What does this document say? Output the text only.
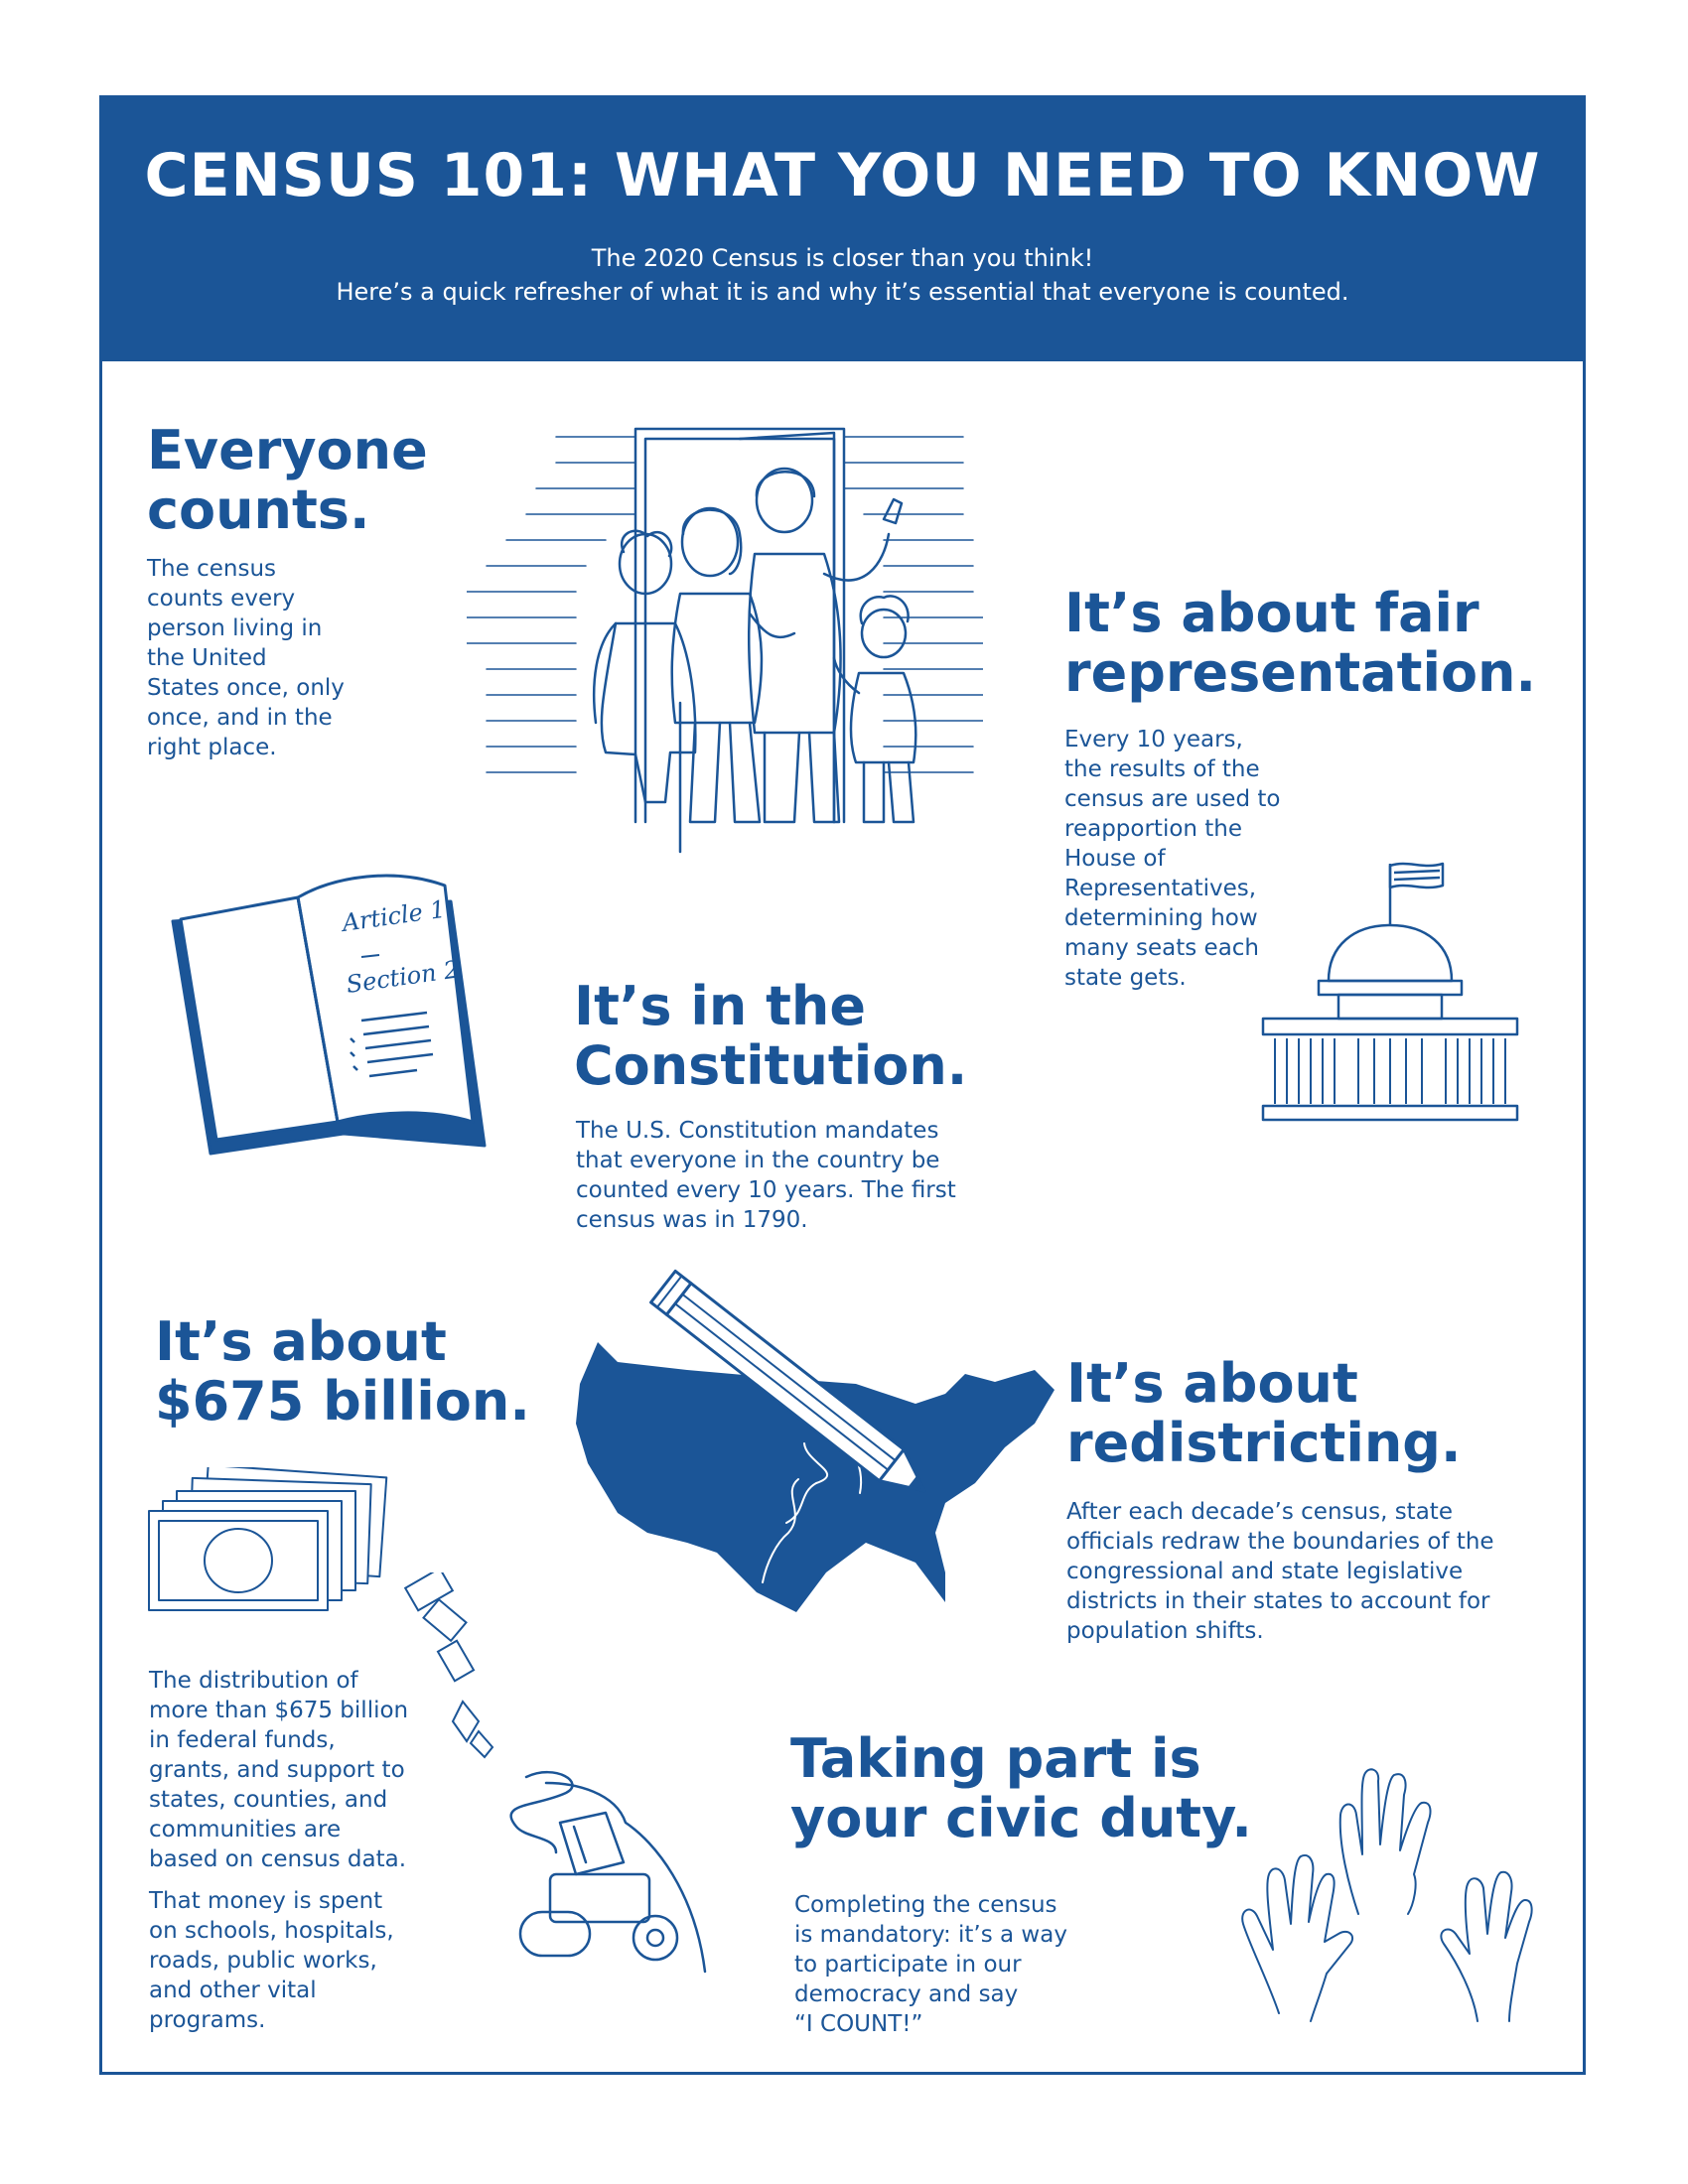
CENSUS 101: WHAT YOU NEED TO KNOW
The 2020 Census is closer than you think!
Here’s a quick refresher of what it is and why it’s essential that everyone is counted.
Everyone
counts.
The census
counts every
person living in
the United
States once, only
once, and in the
right place.
It’s about fair
representation.
Every 10 years,
the results of the
census are used to
reapportion the
House of
Representatives,
determining how
many seats each
state gets.
Article 1
Section 2 It’s in the
Constitution.
The U.S. Constitution mandates
that everyone in the country be
counted every 10 years. The first
census was in 1790.
It’s about
$675 billion.	It’s about
redistricting.
After each decade’s census, state
officials redraw the boundaries of the
congressional and state legislative
districts in their states to account for
population shifts.
The distribution of
more than $675 billion
in federal funds,
grants, and support to
states, counties, and
communities are
based on census data.
That money is spent
on schools, hospitals,
roads, public works,
and other vital
programs.
Taking part is
your civic duty.
Completing the census
is mandatory: it’s a way
to participate in our
democracy and say
“I COUNT!”
